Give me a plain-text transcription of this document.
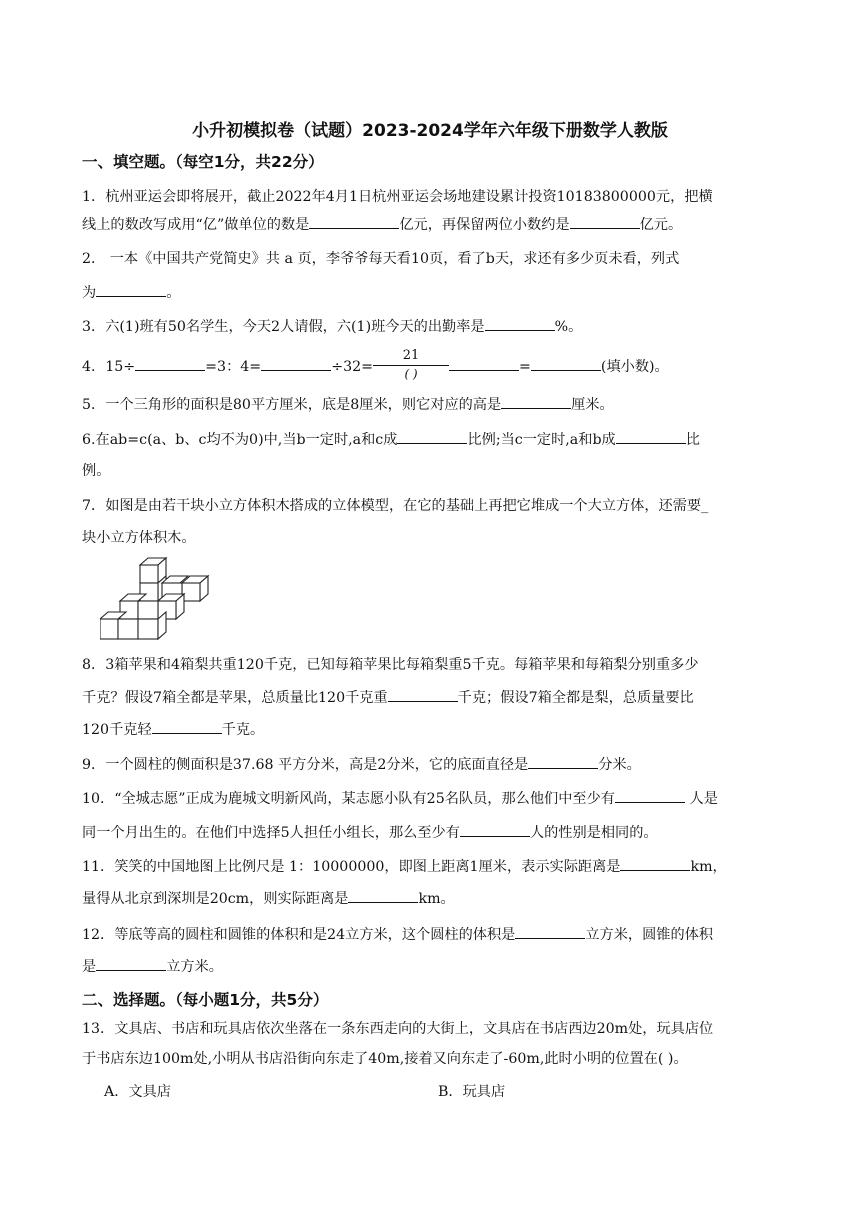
小升初模拟卷（试题）2023-2024学年六年级下册数学人教版
一、填空题。（每空1分，共22分）
1．杭州亚运会即将展开，截止2022年4月1日杭州亚运会场地建设累计投资10183800000元，把横
线上的数改写成用“亿”做单位的数是	亿元，再保留两位小数约是	亿元。
2． 一本《中国共产党简史》共 a 页，李爷爷每天看10页，看了b天，求还有多少页未看，列式
为	。
3．六(1)班有50名学生，今天2人请假，六(1)班今天的出勤率是	%。
4．15÷	=3：4=	$\div 32= \frac{21}{( )}$	=	(填小数)。
5．一个三角形的面积是80平方厘米，底是8厘米，则它对应的高是	厘米。
6.在ab=c(a、b、c均不为0)中,当b一定时,a和c成	比例;当c一定时,a和b成	比
例。
7．如图是由若干块小立方体积木搭成的立体模型，在它的基础上再把它堆成一个大立方体，还需要_
块小立方体积木。
8．3箱苹果和4箱梨共重120千克，已知每箱苹果比每箱梨重5千克。每箱苹果和每箱梨分别重多少
千克？假设7箱全都是苹果，总质量比120千克重	千克；假设7箱全都是梨，总质量要比
120千克轻	千克。
9．一个圆柱的侧面积是37.68 平方分米，高是2分米，它的底面直径是	分米。
10．“全城志愿”正成为鹿城文明新风尚，某志愿小队有25名队员，那么他们中至少有	人是
同一个月出生的。在他们中选择5人担任小组长，那么至少有	人的性别是相同的。
11．笑笑的中国地图上比例尺是 1：10000000，即图上距离1厘米，表示实际距离是	km，
量得从北京到深圳是20cm，则实际距离是	km。
12．等底等高的圆柱和圆锥的体积和是24立方米，这个圆柱的体积是	立方米，圆锥的体积
是	立方米。
二、选择题。（每小题1分，共5分）
13．文具店、书店和玩具店依次坐落在一条东西走向的大街上，文具店在书店西边20m处，玩具店位
于书店东边100m处,小明从书店沿街向东走了40m,接着又向东走了-60m,此时小明的位置在( )。
A．文具店	B．玩具店
